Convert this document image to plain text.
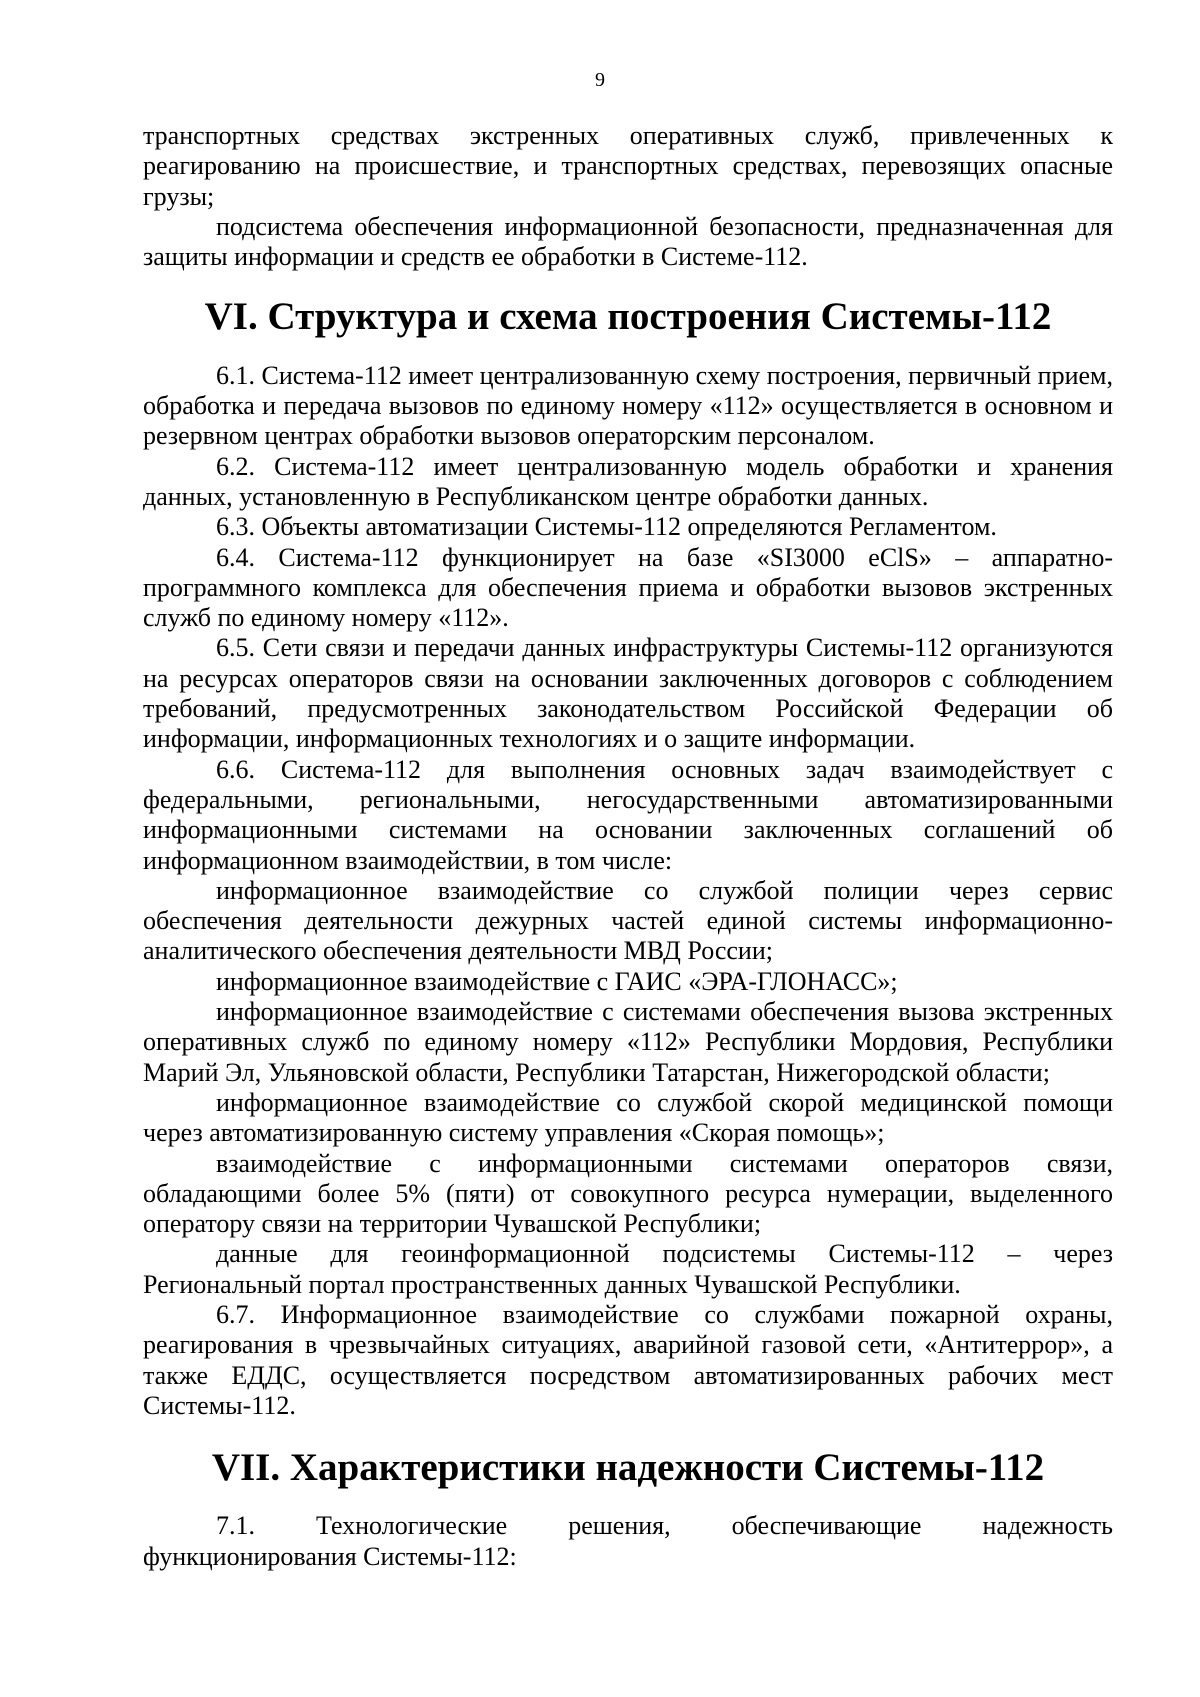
9

транспортных средствах экстренных оперативных служб, привлеченных к реагированию на происшествие, и транспортных средствах, перевозящих опасные грузы;

подсистема обеспечения информационной безопасности, предназначенная для защиты информации и средств ее обработки в Системе-112.

VI. Структура и схема построения Системы-112

6.1. Система-112 имеет централизованную схему построения, первичный прием, обработка и передача вызовов по единому номеру «112» осуществляется в основном и резервном центрах обработки вызовов операторским персоналом.

6.2. Система-112 имеет централизованную модель обработки и хранения данных, установленную в Республиканском центре обработки данных.

6.3. Объекты автоматизации Системы-112 определяются Регламентом.

6.4. Система-112 функционирует на базе «SI3000 eClS» – аппаратно-программного комплекса для обеспечения приема и обработки вызовов экстренных служб по единому номеру «112».

6.5. Сети связи и передачи данных инфраструктуры Системы-112 организуются на ресурсах операторов связи на основании заключенных договоров с соблюдением требований, предусмотренных законодательством Российской Федерации об информации, информационных технологиях и о защите информации.

6.6. Система-112 для выполнения основных задач взаимодействует с федеральными, региональными, негосударственными автоматизированными информационными системами на основании заключенных соглашений об информационном взаимодействии, в том числе:

информационное взаимодействие со службой полиции через сервис обеспечения деятельности дежурных частей единой системы информационно-аналитического обеспечения деятельности МВД России;

информационное взаимодействие с ГАИС «ЭРА-ГЛОНАСС»;

информационное взаимодействие с системами обеспечения вызова экстренных оперативных служб по единому номеру «112» Республики Мордовия, Республики Марий Эл, Ульяновской области, Республики Татарстан, Нижегородской области;

информационное взаимодействие со службой скорой медицинской помощи через автоматизированную систему управления «Скорая помощь»;

взаимодействие с информационными системами операторов связи, обладающими более 5% (пяти) от совокупного ресурса нумерации, выделенного оператору связи на территории Чувашской Республики;

данные для геоинформационной подсистемы Системы-112 – через Региональный портал пространственных данных Чувашской Республики.

6.7. Информационное взаимодействие со службами пожарной охраны, реагирования в чрезвычайных ситуациях, аварийной газовой сети, «Антитеррор», а также ЕДДС, осуществляется посредством автоматизированных рабочих мест Системы-112.

VII. Характеристики надежности Системы-112

7.1. Технологические решения, обеспечивающие надежность функционирования Системы-112:
